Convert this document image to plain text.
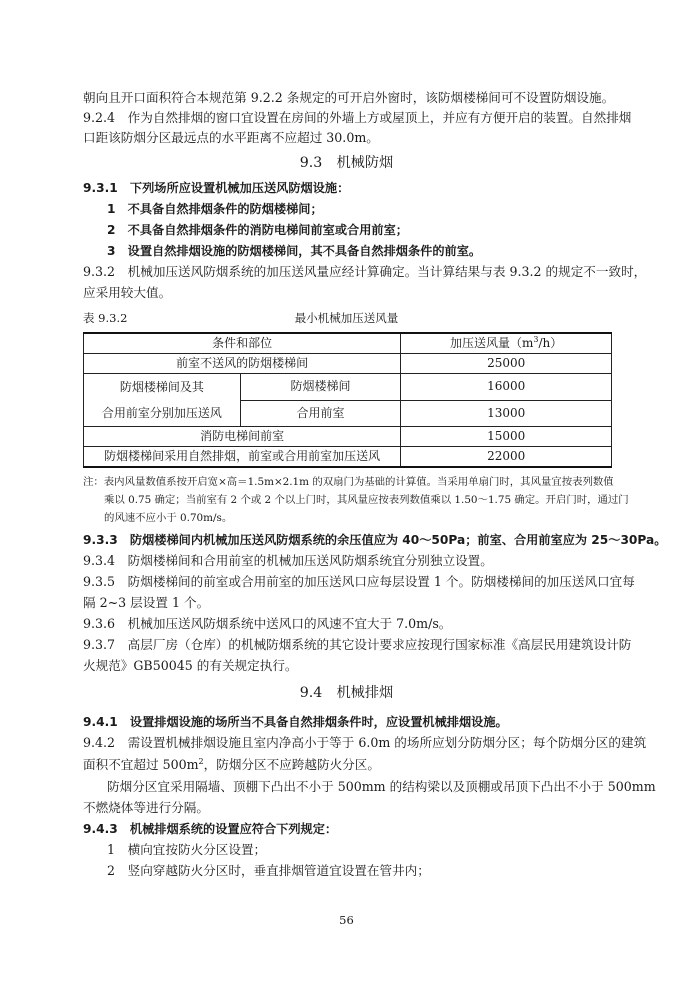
朝向且开口面积符合本规范第 9.2.2 条规定的可开启外窗时，该防烟楼梯间可不设置防烟设施。
9.2.4　作为自然排烟的窗口宜设置在房间的外墙上方或屋顶上，并应有方便开启的装置。自然排烟
口距该防烟分区最远点的水平距离不应超过 30.0m。
9.3　机械防烟
9.3.1　下列场所应设置机械加压送风防烟设施：
1　不具备自然排烟条件的防烟楼梯间；
2　不具备自然排烟条件的消防电梯间前室或合用前室；
3　设置自然排烟设施的防烟楼梯间，其不具备自然排烟条件的前室。
9.3.2　机械加压送风防烟系统的加压送风量应经计算确定。当计算结果与表 9.3.2 的规定不一致时，
应采用较大值。
表 9.3.2	最小机械加压送风量
条件和部位		加压送风量$(m^3/h)$
前室不送风的防烟楼梯间		25000
防烟楼梯间及其
合用前室分别加压送风	防烟楼梯间	16000
	合用前室	13000
消防电梯间前室		15000
防烟楼梯间采用自然排烟，前室或合用前室加压送风		22000
注：表内风量数值系按开启宽×高＝1.5m×2.1m 的双扇门为基础的计算值。当采用单扇门时，其风量宜按表列数值
乘以 0.75 确定；当前室有 2 个或 2 个以上门时，其风量应按表列数值乘以 1.50～1.75 确定。开启门时，通过门
的风速不应小于 0.70m/s。
9.3.3　防烟楼梯间内机械加压送风防烟系统的余压值应为 40～50Pa；前室、合用前室应为 25～30Pa。
9.3.4　防烟楼梯间和合用前室的机械加压送风防烟系统宜分别独立设置。
9.3.5　防烟楼梯间的前室或合用前室的加压送风口应每层设置 1 个。防烟楼梯间的加压送风口宜每
隔 2~3 层设置 1 个。
9.3.6　机械加压送风防烟系统中送风口的风速不宜大于 7.0m/s。
9.3.7　高层厂房（仓库）的机械防烟系统的其它设计要求应按现行国家标准《高层民用建筑设计防
火规范》GB50045 的有关规定执行。
9.4　机械排烟
9.4.1　设置排烟设施的场所当不具备自然排烟条件时，应设置机械排烟设施。
9.4.2　需设置机械排烟设施且室内净高小于等于 6.0m 的场所应划分防烟分区；每个防烟分区的建筑
面积不宜超过 $500m^2$，防烟分区不应跨越防火分区。
防烟分区宜采用隔墙、顶棚下凸出不小于 500mm 的结构梁以及顶棚或吊顶下凸出不小于 500mm
不燃烧体等进行分隔。
9.4.3　机械排烟系统的设置应符合下列规定：
1　横向宜按防火分区设置；
2　竖向穿越防火分区时，垂直排烟管道宜设置在管井内；
56
